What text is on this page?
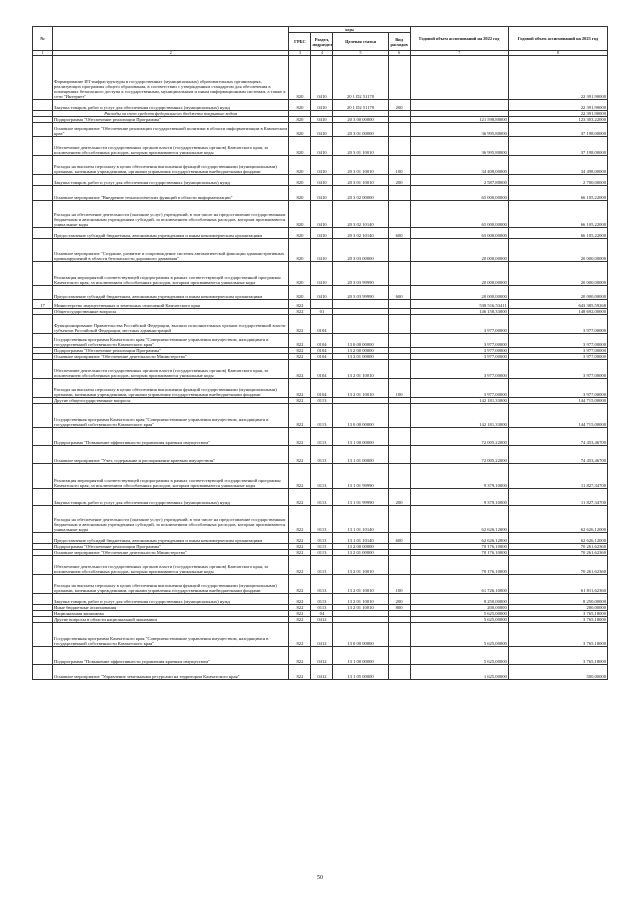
№		коды				Годовой объем ассигнований на 2022 год	Годовой объем ассигнований на 2023 год
		ГРБС	Раздел, подраздел	Целевая статья	Вид расходов		
1	2	3	4	5	6	7	8
	Формирование ИТ-инфраструктуры в государственных (муниципальных) образовательных организациях, реализующих программы общего образования, в соответствии с утвержденным стандартом для обеспечения в помещениях безопасного доступа к государственным, муниципальным и иным информационным системам, а также к сети "Интернет"	820	0410	20 1 D2 51170			22 391,90000
	Закупка товаров, работ и услуг для обеспечения государственных (муниципальных) нужд	820	0410	20 1 D2 51170	200		22 391,90000
	Расходы за счет средств федерального бюджета покрытые кодом						22 391,90000
	Подпрограмма "Обеспечение реализации Программы"	820	0410	20 3 00 00000		121 598,88000	123 303,22000
	Основное мероприятие "Обеспечение реализации государственной политики в области информатизации в Камчатском крае"	820	0410	20 3 01 00000		36 995,88000	37 198,00000
	Обеспечение деятельности государственных органов власти (государственных органов) Камчатского края, за исключением обособленных расходов, которым присваиваются уникальные коды	820	0410	20 3 01 10010		36 995,88000	37 198,00000
	Расходы на выплаты персоналу в целях обеспечения выполнения функций государственными (муниципальными) органами, казенными учреждениями, органами управления государственными внебюджетными фондами	820	0410	20 3 01 10010	100	34 408,00000	34 498,00000
	Закупка товаров, работ и услуг для обеспечения государственных (муниципальных) нужд	820	0410	20 3 01 10010	200	2 587,88000	2 700,00000
	Основное мероприятие "Внедрение технологических функций в области информатизации"	820	0410	20 3 02 00000		65 000,00000	66 105,22000
	Расходы на обеспечение деятельности (оказание услуг) учреждений, в том числе на предоставление государственным бюджетным и автономным учреждениям субсидий, за исключением обособленных расходов, которым присваиваются уникальные коды	820	0410	20 3 02 10140		65 000,00000	66 105,22000
	Предоставление субсидий бюджетным, автономным учреждениям и иным некоммерческим организациям	820	0410	20 3 02 10140	600	65 000,00000	66 105,22000
	Основное мероприятие "Создание, развитие и сопровождение системы автоматической фиксации административных правонарушений в области безопасности дорожного движения"	820	0410	20 3 03 00000		20 000,00000	20 000,00000
	Реализация мероприятий соответствующей подпрограммы в рамках соответствующей государственной программы Камчатского края, за исключением обособленных расходов, которым присваиваются уникальные коды	820	0410	20 3 03 99990		20 000,00000	20 000,00000
	Предоставление субсидий бюджетным, автономным учреждениям и иным некоммерческим организациям	820	0410	20 3 03 99990	600	20 000,00000	20 000,00000
17	Министерство имущественных и земельных отношений Камчатского края	822				538 516,53411	643 385,59268
	Общегосударственные вопросы	822	01			146 158,33000	148 692,00000
	Функционирование Правительства Российской Федерации, высших исполнительных органов государственной власти субъектов Российской Федерации, местных администраций	822	0104			3 977,00000	3 977,00000
	Государственная программа Камчатского края "Совершенствование управления имуществом, находящимся в государственной собственности Камчатского края"	822	0104	13 0 00 00000		3 977,00000	3 977,00000
	Подпрограмма "Обеспечение реализации Программы"	822	0104	13 2 00 00000		3 977,00000	3 977,00000
	Основное мероприятие "Обеспечение деятельности Министерства"	822	0104	13 2 01 00000		3 977,00000	3 977,00000
	Обеспечение деятельности государственных органов власти (государственных органов) Камчатского края, за исключением обособленных расходов, которым присваиваются уникальные коды	822	0104	13 2 01 10010		3 977,00000	3 977,00000
	Расходы на выплаты персоналу в целях обеспечения выполнения функций государственными (муниципальными) органами, казенными учреждениями, органами управления государственными внебюджетными фондами	822	0104	13 2 01 10010	100	3 977,00000	3 977,00000
	Другие общегосударственные вопросы	822	0113			142 181,33000	144 715,00000
	Государственная программа Камчатского края "Совершенствование управления имуществом, находящимся в государственной собственности Камчатского края"	822	0113	13 0 00 00000		142 181,33000	144 715,00000
	Подпрограмма "Повышение эффективности управления краевым имуществом"	822	0113	13 1 00 00000		72 005,22000	74 453,46700
	Основное мероприятие "Учет, содержание и распоряжение краевым имуществом"	822	0113	13 1 01 00000		72 005,22000	74 453,46700
	Реализация мероприятий соответствующей подпрограммы в рамках соответствующей государственной программы Камчатского края, за исключением обособленных расходов, которым присваиваются уникальные коды	822	0113	13 1 01 99990		9 379,10000	11 827,34700
	Закупка товаров, работ и услуг для обеспечения государственных (муниципальных) нужд	822	0113	13 1 01 99990	200	9 379,10000	11 827,34700
	Расходы на обеспечение деятельности (оказание услуг) учреждений, в том числе на предоставление государственным бюджетным и автономным учреждениям субсидий, за исключением обособленных расходов, которым присваиваются уникальные коды	822	0113	13 1 01 10140		62 626,12000	62 626,12000
	Предоставление субсидий бюджетным, автономным учреждениям и иным некоммерческим организациям	822	0113	13 1 01 10140	600	62 626,12000	62 626,12000
	Подпрограмма "Обеспечение реализации Программы"	822	0113	13 2 00 00000		70 176,10000	70 261,62360
	Основное мероприятие "Обеспечение деятельности Министерства"	822	0113	13 2 01 00000		70 176,10000	70 261,62360
	Обеспечение деятельности государственных органов власти (государственных органов) Камчатского края, за исключением обособленных расходов, которым присваиваются уникальные коды	822	0113	13 2 01 10010		70 176,10000	70 261,62360
	Расходы на выплаты персоналу в целях обеспечения выполнения функций государственными (муниципальными) органами, казенными учреждениями, органами управления государственными внебюджетными фондами	822	0113	13 2 01 10010	100	61 726,10000	61 811,62360
	Закупка товаров, работ и услуг для обеспечения государственных (муниципальных) нужд	822	0113	13 2 01 10010	200	8 250,00000	8 250,00000
	Иные бюджетные ассигнования	822	0113	13 2 01 10010	800	200,00000	200,00000
	Национальная экономика	822	04			5 625,00000	3 765,18000
	Другие вопросы в области национальной экономики	822	0412			5 625,00000	3 765,18000
	Государственная программа Камчатского края "Совершенствование управления имуществом, находящимся в государственной собственности Камчатского края"	822	0412	13 0 00 00000		5 625,00000	3 765,18000
	Подпрограмма "Повышение эффективности управления краевым имуществом"	822	0412	13 1 00 00000		5 625,00000	3 765,18000
	Основное мероприятие "Управление земельными ресурсами на территории Камчатского края"	822	0412	13 1 05 00000		1 625,00000	500,00000
50
